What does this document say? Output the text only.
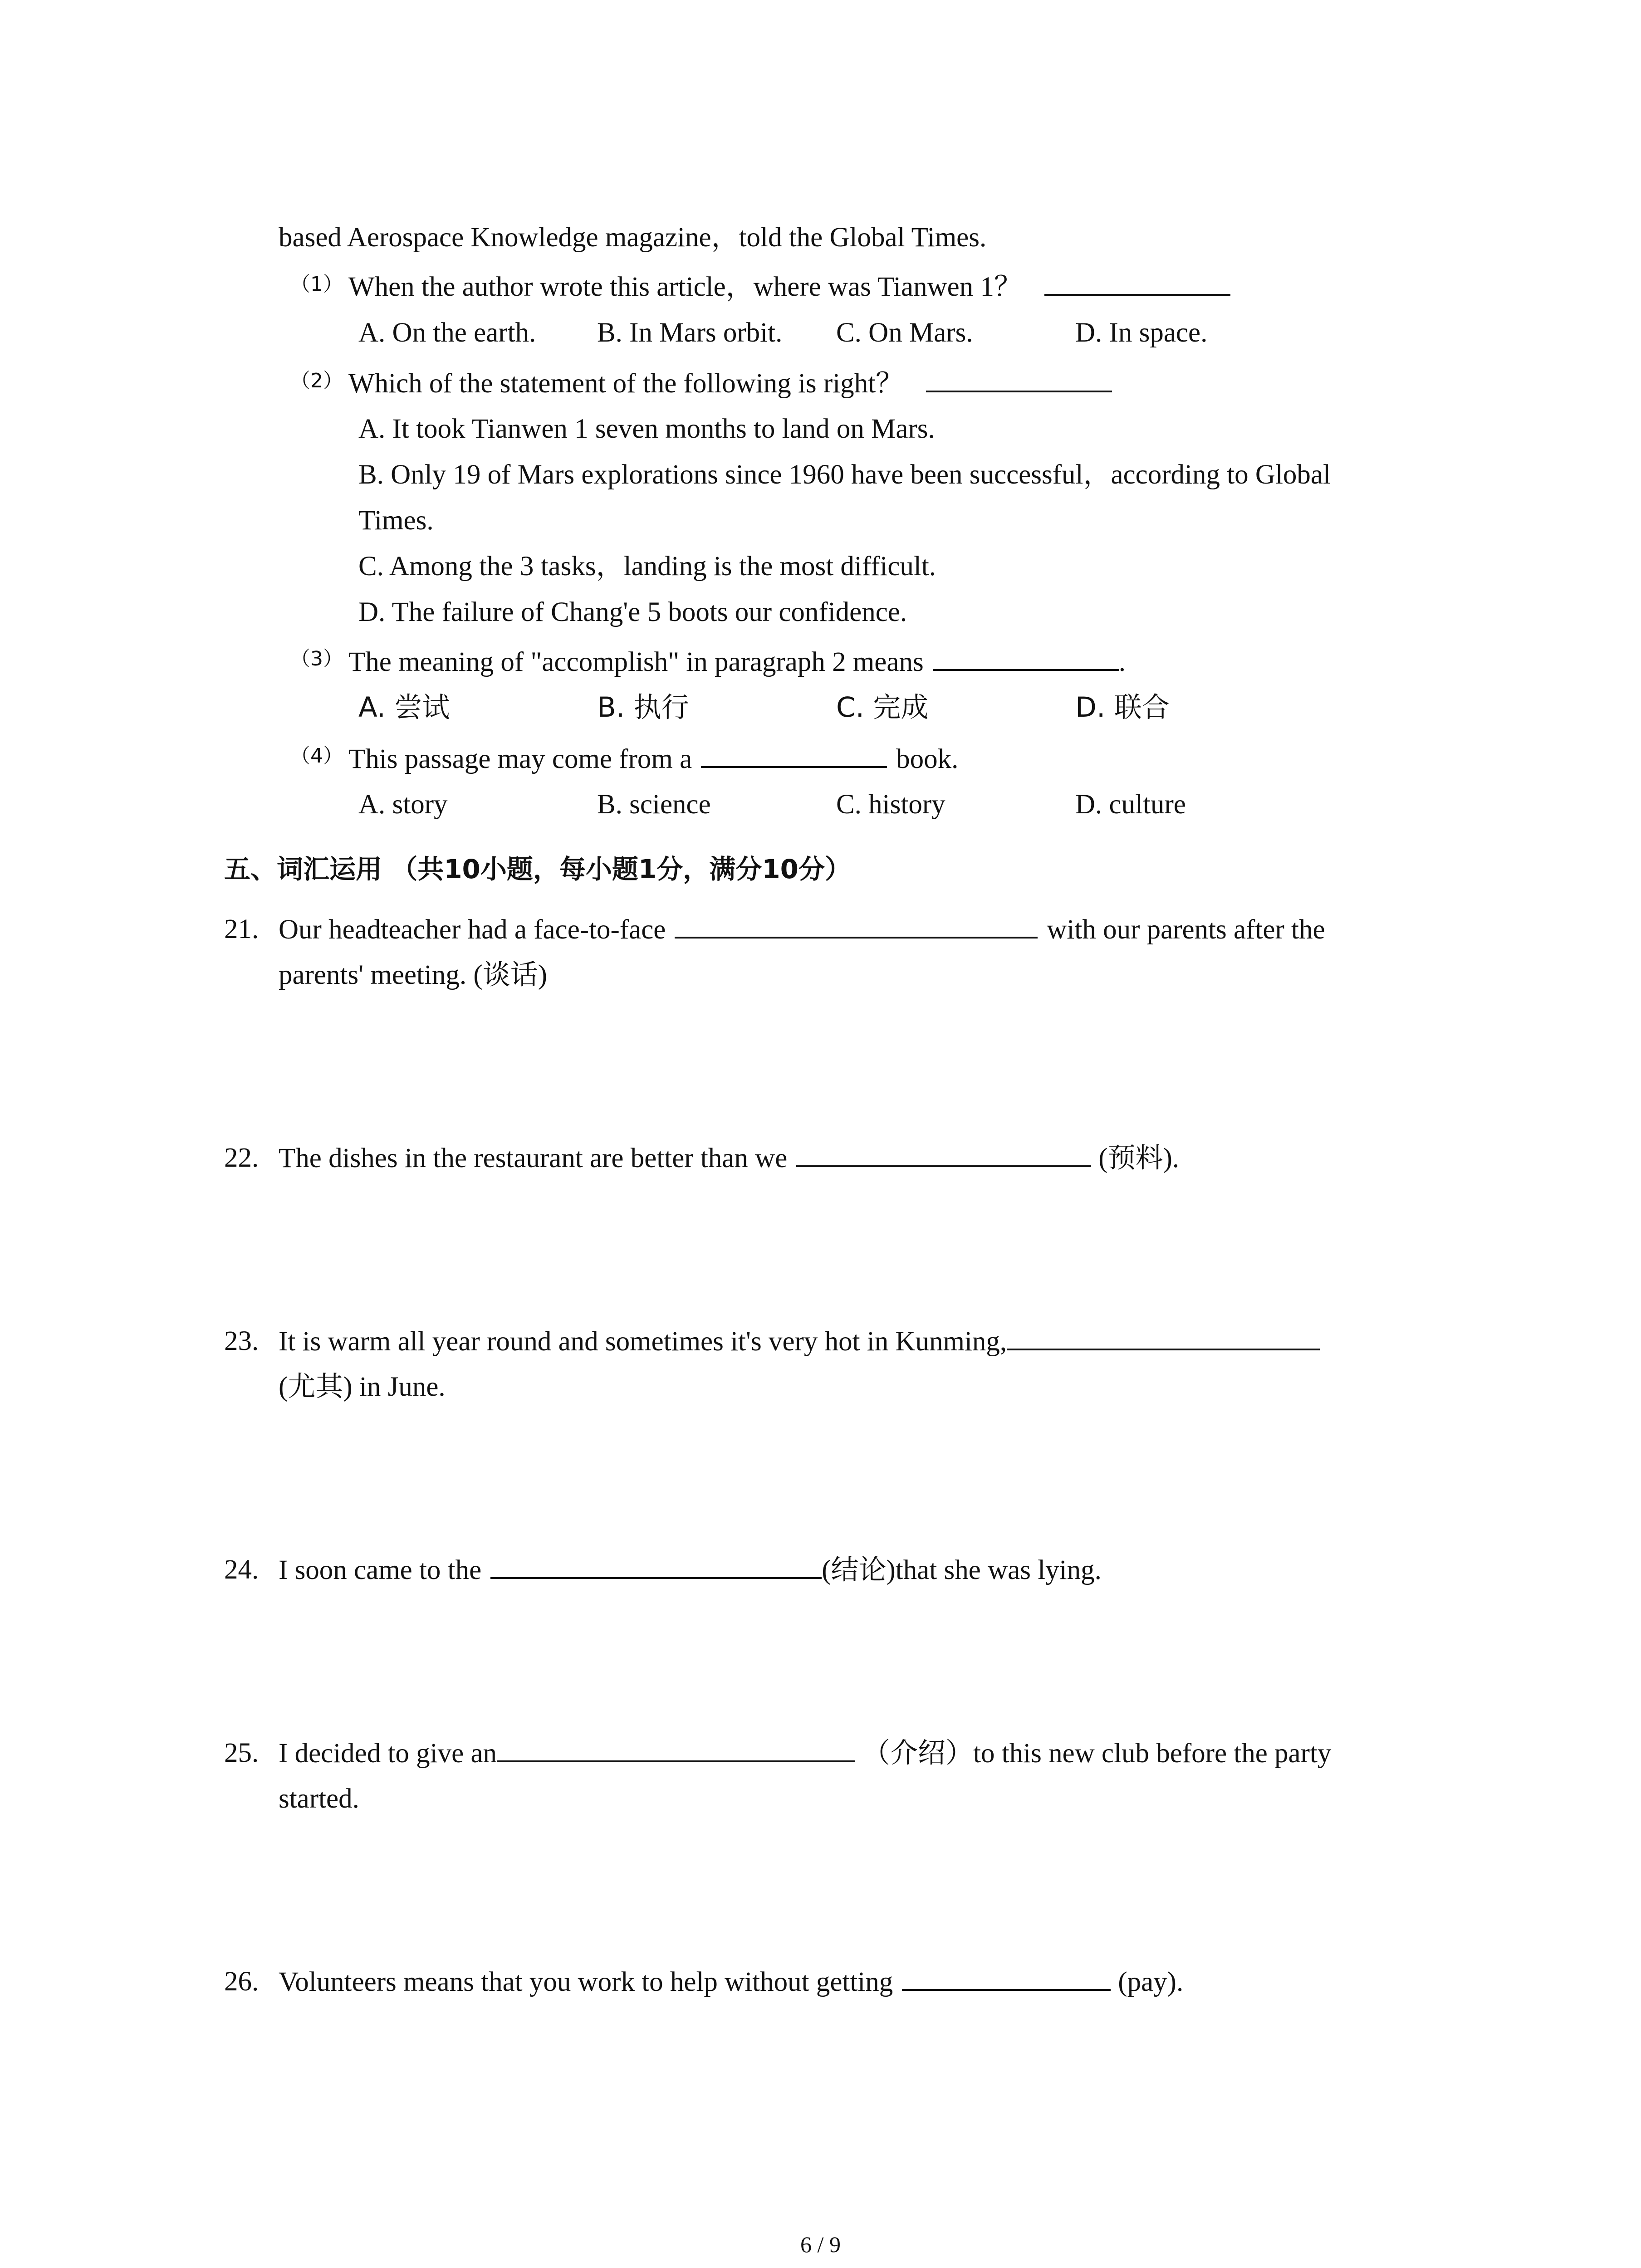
based Aerospace Knowledge magazine，told the Global Times.
（1） When the author wrote this article，where was Tianwen 1？
A. On the earth. B. In Mars orbit. C. On Mars.	D. In space.
（2） Which of the statement of the following is right？
A. It took Tianwen 1 seven months to land on Mars.
B. Only 19 of Mars explorations since 1960 have been successful，according to Global
Times.
C. Among the 3 tasks，landing is the most difficult.
D. The failure of Chang'e 5 boots our confidence.
（3） The meaning of "accomplish" in paragraph 2 means	.
A. 尝试	B. 执行	C. 完成	D. 联合
（4） This passage may come from a	book.
A. story	B. science	C. history	D. culture
五、词汇运用 （共10小题，每小题1分，满分10分）
21. Our headteacher had a face-to-face	with our parents after the
parents' meeting. (谈话)
22. The dishes in the restaurant are better than we	(预料).
23. It is warm all year round and sometimes it's very hot in Kunming,
(尤其) in June.
24. I soon came to the	(结论)that she was lying.
25. I decided to give an	（介绍）to this new club before the party
started.
26. Volunteers means that you work to help without getting	(pay).
6 / 9
